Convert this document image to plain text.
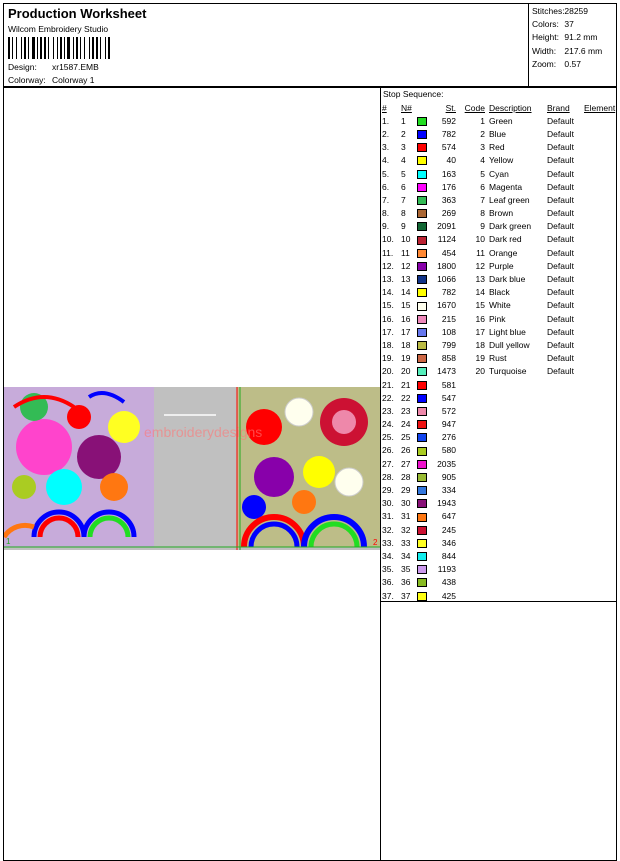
Production Worksheet
Wilcom Embroidery Studio
Design: xr1587.EMB
Colorway: Colorway 1
Stitches: 28259
Colors: 37
Height: 91.2 mm
Width: 217.6 mm
Zoom: 0.57
embroiderydesigns
1	2
Stop Sequence:
#	N#		St.	Code	Description	Brand	Element
1.	1		592	1	Green	Default	
2.	2		782	2	Blue	Default	
3.	3		574	3	Red	Default	
4.	4		40	4	Yellow	Default	
5.	5		163	5	Cyan	Default	
6.	6		176	6	Magenta	Default	
7.	7		363	7	Leaf green	Default	
8.	8		269	8	Brown	Default	
9.	9		2091	9	Dark green	Default	
10.	10		1124	10	Dark red	Default	
11.	11		454	11	Orange	Default	
12.	12		1800	12	Purple	Default	
13.	13		1066	13	Dark blue	Default	
14.	14		782	14	Black	Default	
15.	15		1670	15	White	Default	
16.	16		215	16	Pink	Default	
17.	17		108	17	Light blue	Default	
18.	18		799	18	Dull yellow	Default	
19.	19		858	19	Rust	Default	
20.	20		1473	20	Turquoise	Default	
21.	21		581				
22.	22		547				
23.	23		572				
24.	24		947				
25.	25		276				
26.	26		580				
27.	27		2035				
28.	28		905				
29.	29		334				
30.	30		1943				
31.	31		647				
32.	32		245				
33.	33		346				
34.	34		844				
35.	35		1193				
36.	36		438				
37.	37		425				
